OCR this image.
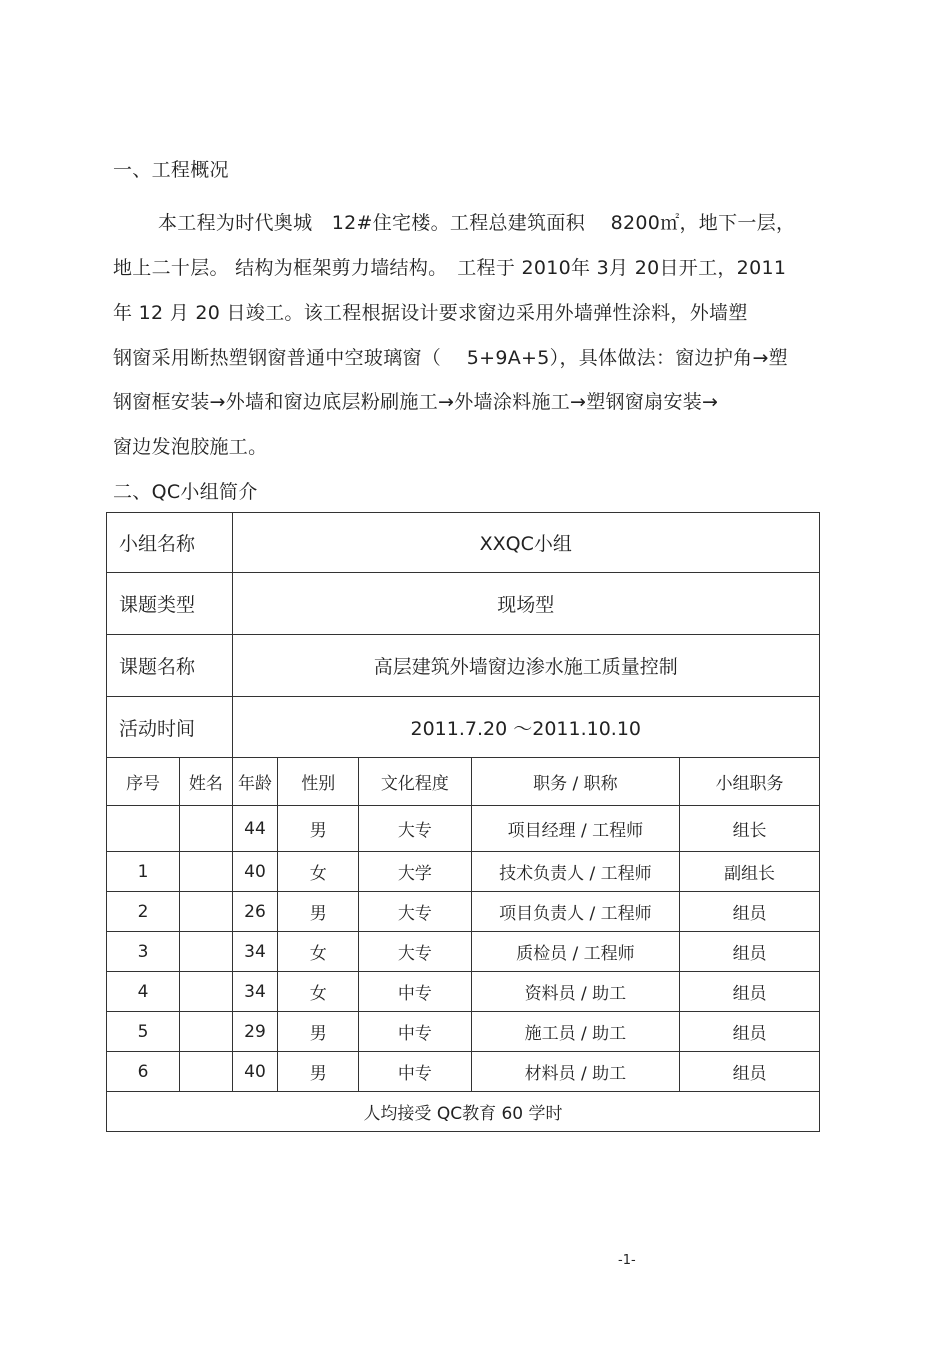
一、工程概况
本工程为时代奥城　12#住宅楼。工程总建筑面积　 8200㎡，地下一层，
地上二十层。 结构为框架剪力墙结构。　工程于 2010年 3月 20日开工，2011
年 12 月 20 日竣工。该工程根据设计要求窗边采用外墙弹性涂料，外墙塑
钢窗采用断热塑钢窗普通中空玻璃窗（　 5+9A+5），具体做法：窗边护角→塑
钢窗框安装→外墙和窗边底层粉刷施工→外墙涂料施工→塑钢窗扇安装→
窗边发泡胶施工。
二、QC小组简介
小组名称		XXQC小组				
课题类型		现场型				
课题名称		高层建筑外墙窗边渗水施工质量控制				
活动时间		2011.7.20 ～2011.10.10				
序号	姓名	年龄	性别	文化程度	职务 / 职称	小组职务
		44	男	大专	项目经理 / 工程师	组长
1		40	女	大学	技术负责人 / 工程师	副组长
2		26	男	大专	项目负责人 / 工程师	组员
3		34	女	大专	质检员 / 工程师	组员
4		34	女	中专	资料员 / 助工	组员
5		29	男	中专	施工员 / 助工	组员
6		40	男	中专	材料员 / 助工	组员
人均接受 QC教育 60 学时						
-1-
